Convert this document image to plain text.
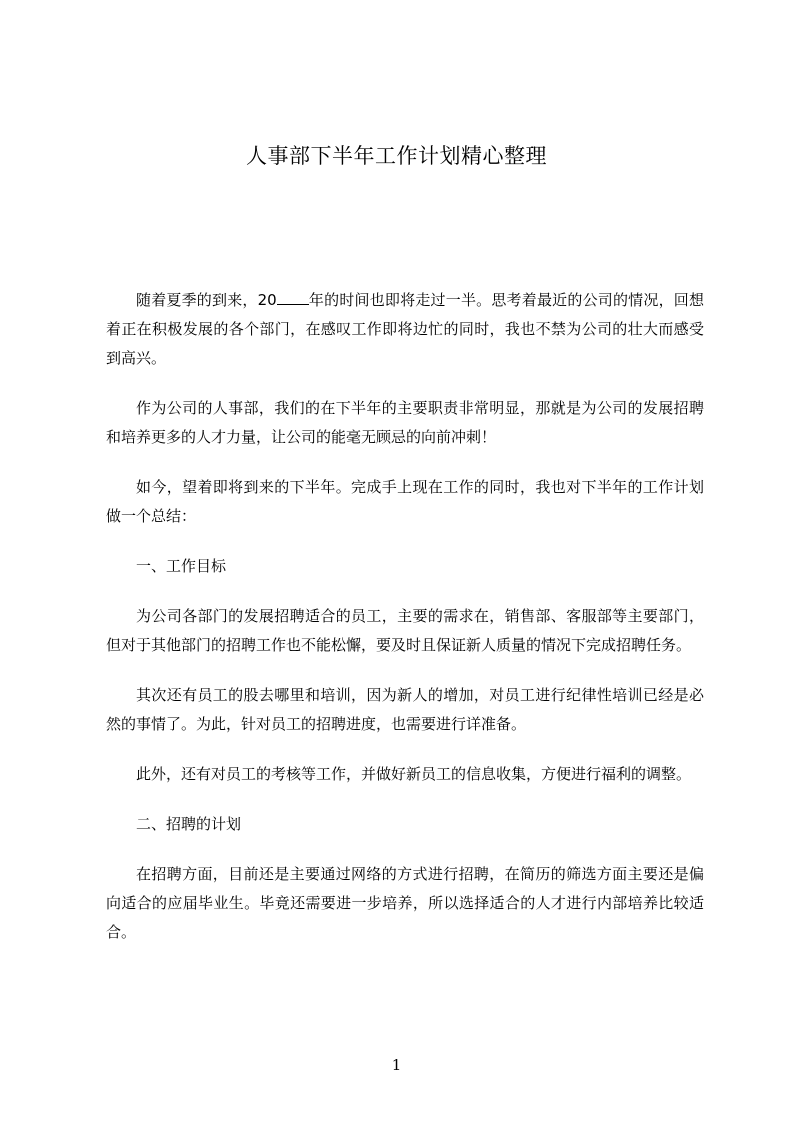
人事部下半年工作计划精心整理

随着夏季的到来，20 年的时间也即将走过一半。思考着最近的公司的情况，回想着正在积极发展的各个部门，在感叹工作即将边忙的同时，我也不禁为公司的壮大而感受到高兴。

作为公司的人事部，我们的在下半年的主要职责非常明显，那就是为公司的发展招聘和培养更多的人才力量，让公司的能毫无顾忌的向前冲刺！

如今，望着即将到来的下半年。完成手上现在工作的同时，我也对下半年的工作计划做一个总结：

一、工作目标

为公司各部门的发展招聘适合的员工，主要的需求在，销售部、客服部等主要部门，但对于其他部门的招聘工作也不能松懈，要及时且保证新人质量的情况下完成招聘任务。

其次还有员工的股去哪里和培训，因为新人的增加，对员工进行纪律性培训已经是必然的事情了。为此，针对员工的招聘进度，也需要进行详准备。

此外，还有对员工的考核等工作，并做好新员工的信息收集，方便进行福利的调整。

二、招聘的计划

在招聘方面，目前还是主要通过网络的方式进行招聘，在简历的筛选方面主要还是偏向适合的应届毕业生。毕竟还需要进一步培养，所以选择适合的人才进行内部培养比较适合。

1
